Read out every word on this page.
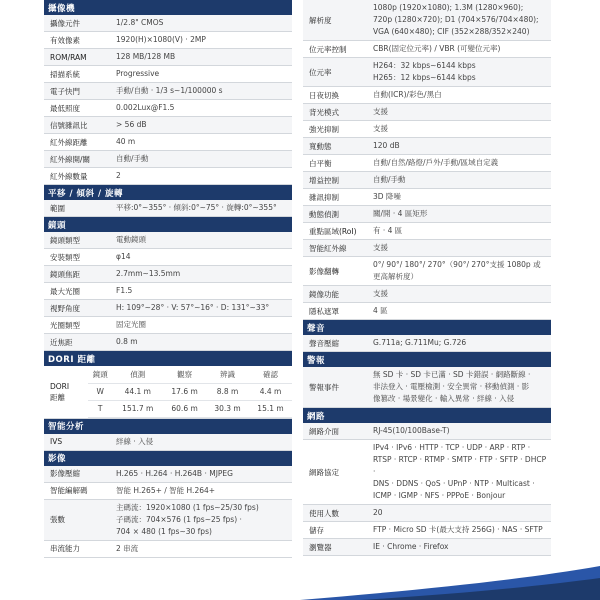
攝像機
攝像元件	1/2.8" CMOS
有效像素	1920(H)×1080(V) · 2MP
ROM/RAM	128 MB/128 MB
掃描系統	Progressive
電子快門	手動/自動 · 1/3 s~1/100000 s
最低照度	0.002Lux@F1.5
信號雜訊比	> 56 dB
紅外線距離	40 m
紅外線開/關	自動/手動
紅外線數量	2
平移 / 傾斜 / 旋轉
範圍	平移:0°~355° · 傾斜:0°~75° · 旋轉:0°~355°
鏡頭
鏡頭類型	電動鏡頭
安裝類型	φ14
鏡頭焦距	2.7mm~13.5mm
最大光圈	F1.5
視野角度	H: 109°~28° · V: 57°~16° · D: 131°~33°
光圈類型	固定光圈
近焦距	0.8 m
DORI 距離
DORI
距離	鏡頭	偵測	觀察	辨識	確認
	W	44.1 m	17.6 m	8.8 m	4.4 m
	T	151.7 m	60.6 m	30.3 m	15.1 m
智能分析
IVS	絆線 · 入侵
影像
影像壓縮	H.265 · H.264 · H.264B · MJPEG
智能編解碼	智能 H.265+ / 智能 H.264+
張數
主碼流：1920×1080 (1 fps~25/30 fps)
子碼流：704×576 (1 fps~25 fps) ·
704 × 480 (1 fps~30 fps)
串流能力	2 串流
解析度
1080p (1920×1080); 1.3M (1280×960);
720p (1280×720); D1 (704×576/704×480);
VGA (640×480); CIF (352×288/352×240)
位元率控制	CBR(固定位元率) / VBR (可變位元率)
位元率
H264：32 kbps~6144 kbps
H265：12 kbps~6144 kbps
日夜切換	自動(ICR)/彩色/黑白
背光模式	支援
強光抑制	支援
寬動態	120 dB
白平衡	自動/自然/路燈/戶外/手動/區域自定義
增益控制	自動/手動
雜訊抑制	3D 降噪
動態偵測	關/開 · 4 區矩形
重點區域(RoI)	有 · 4 區
智能紅外線	支援
影像翻轉
0°/ 90°/ 180°/ 270°（90°/ 270°支援 1080p 或
更高解析度）
鏡像功能	支援
隱私遮罩	4 區
聲音
聲音壓縮	G.711a; G.711Mu; G.726
警報
警報事件
無 SD 卡 · SD 卡已滿 · SD 卡錯誤 · 網路斷線 ·
非法登入 · 電壓檢測 · 安全異常 · 移動偵測 · 影
像篡改 · 場景變化 · 輸入異常 · 絆線 · 入侵
網路
網路介面	RJ-45(10/100Base-T)
網路協定
IPv4 · IPv6 · HTTP · TCP · UDP · ARP · RTP ·
RTSP · RTCP · RTMP · SMTP · FTP · SFTP · DHCP ·
DNS · DDNS · QoS · UPnP · NTP · Multicast ·
ICMP · IGMP · NFS · PPPoE · Bonjour
使用人數	20
儲存	FTP · Micro SD 卡(最大支持 256G) · NAS · SFTP
瀏覽器	IE · Chrome · Firefox
